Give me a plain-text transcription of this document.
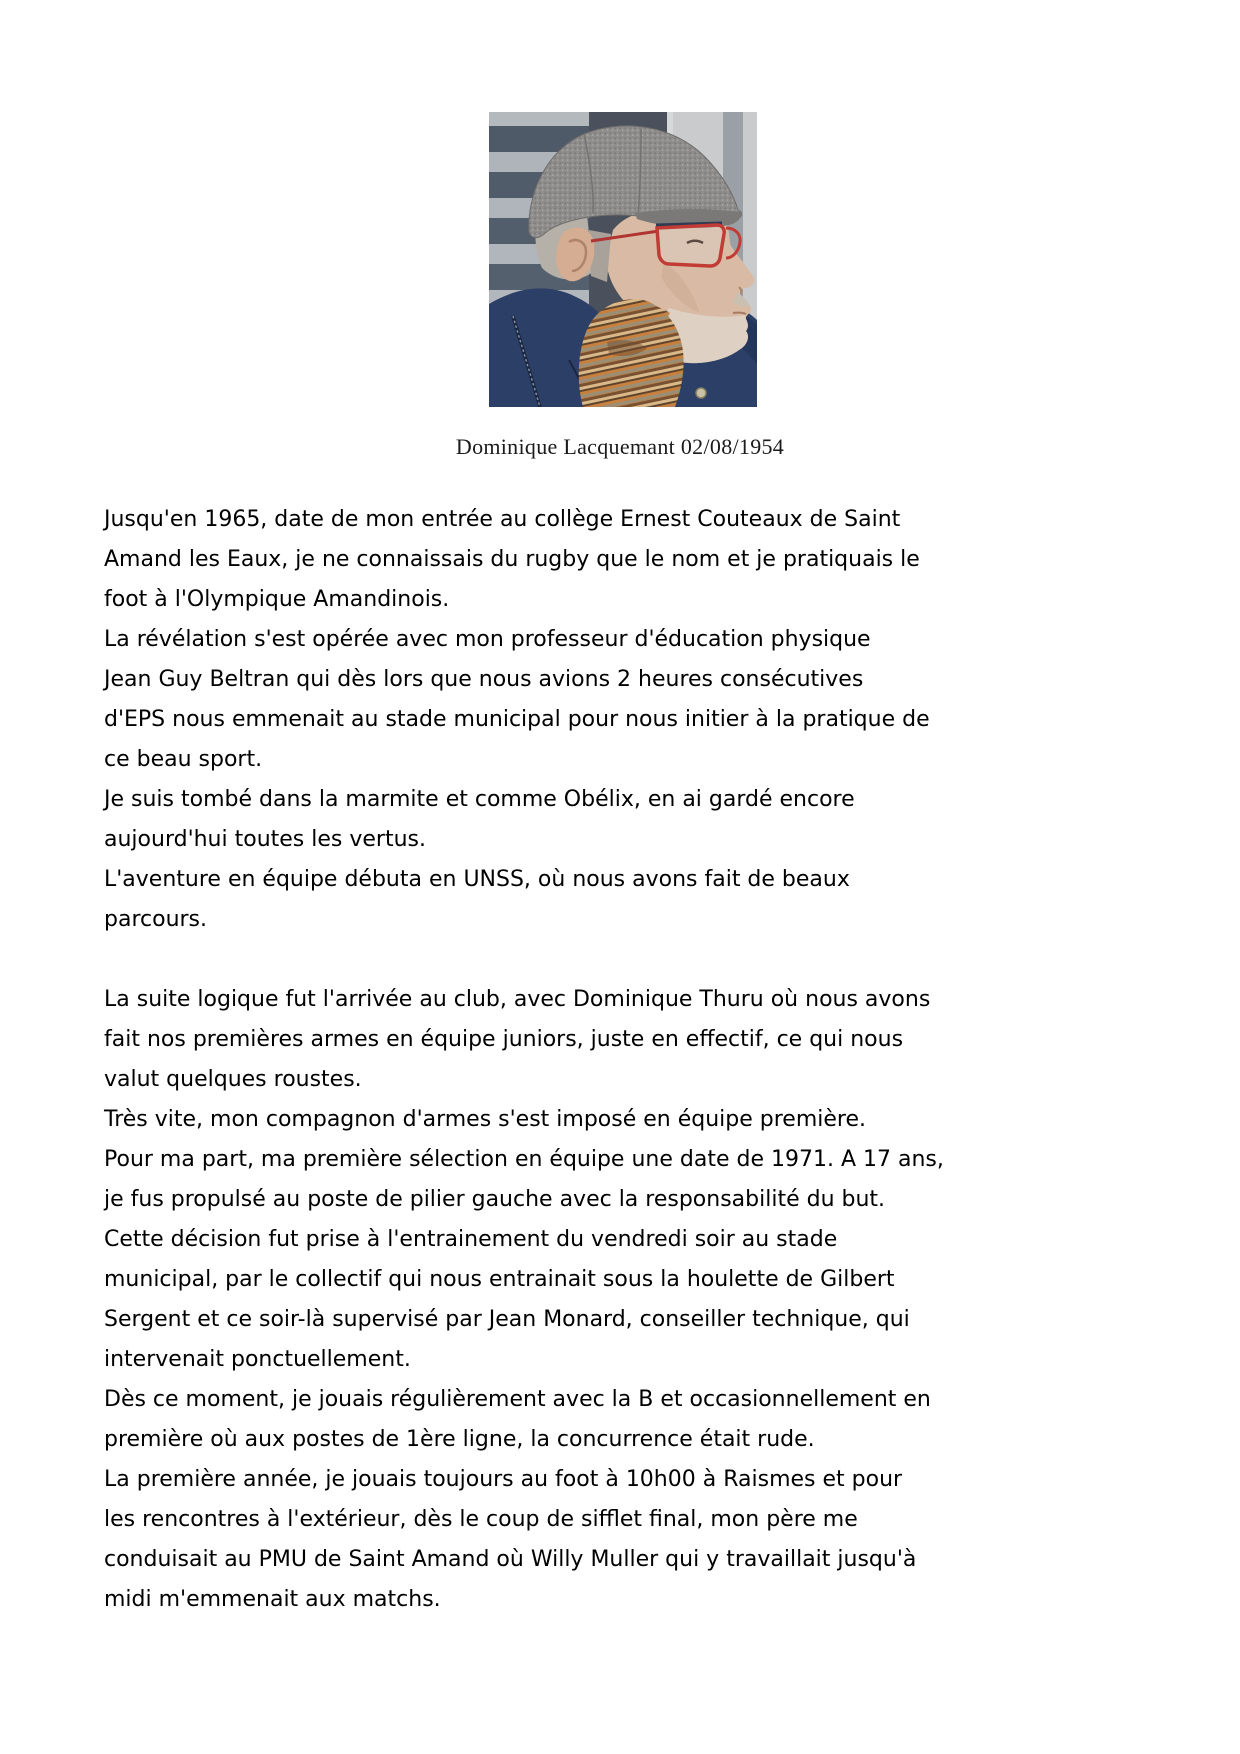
Dominique Lacquemant 02/08/1954
Jusqu'en 1965, date de mon entrée au collège Ernest Couteaux de Saint
Amand les Eaux, je ne connaissais du rugby que le nom et je pratiquais le
foot à l'Olympique Amandinois.
La révélation s'est opérée avec mon professeur d'éducation physique
Jean Guy Beltran qui dès lors que nous avions 2 heures consécutives
d'EPS nous emmenait au stade municipal pour nous initier à la pratique de
ce beau sport.
Je suis tombé dans la marmite et comme Obélix, en ai gardé encore
aujourd'hui toutes les vertus.
L'aventure en équipe débuta en UNSS, où nous avons fait de beaux
parcours.
La suite logique fut l'arrivée au club, avec Dominique Thuru où nous avons
fait nos premières armes en équipe juniors, juste en effectif, ce qui nous
valut quelques roustes.
Très vite, mon compagnon d'armes s'est imposé en équipe première.
Pour ma part, ma première sélection en équipe une date de 1971. A 17 ans,
je fus propulsé au poste de pilier gauche avec la responsabilité du but.
Cette décision fut prise à l'entrainement du vendredi soir au stade
municipal, par le collectif qui nous entrainait sous la houlette de Gilbert
Sergent et ce soir-là supervisé par Jean Monard, conseiller technique, qui
intervenait ponctuellement.
Dès ce moment, je jouais régulièrement avec la B et occasionnellement en
première où aux postes de 1ère ligne, la concurrence était rude.
La première année, je jouais toujours au foot à 10h00 à Raismes et pour
les rencontres à l'extérieur, dès le coup de sifflet final, mon père me
conduisait au PMU de Saint Amand où Willy Muller qui y travaillait jusqu'à
midi m'emmenait aux matchs.
